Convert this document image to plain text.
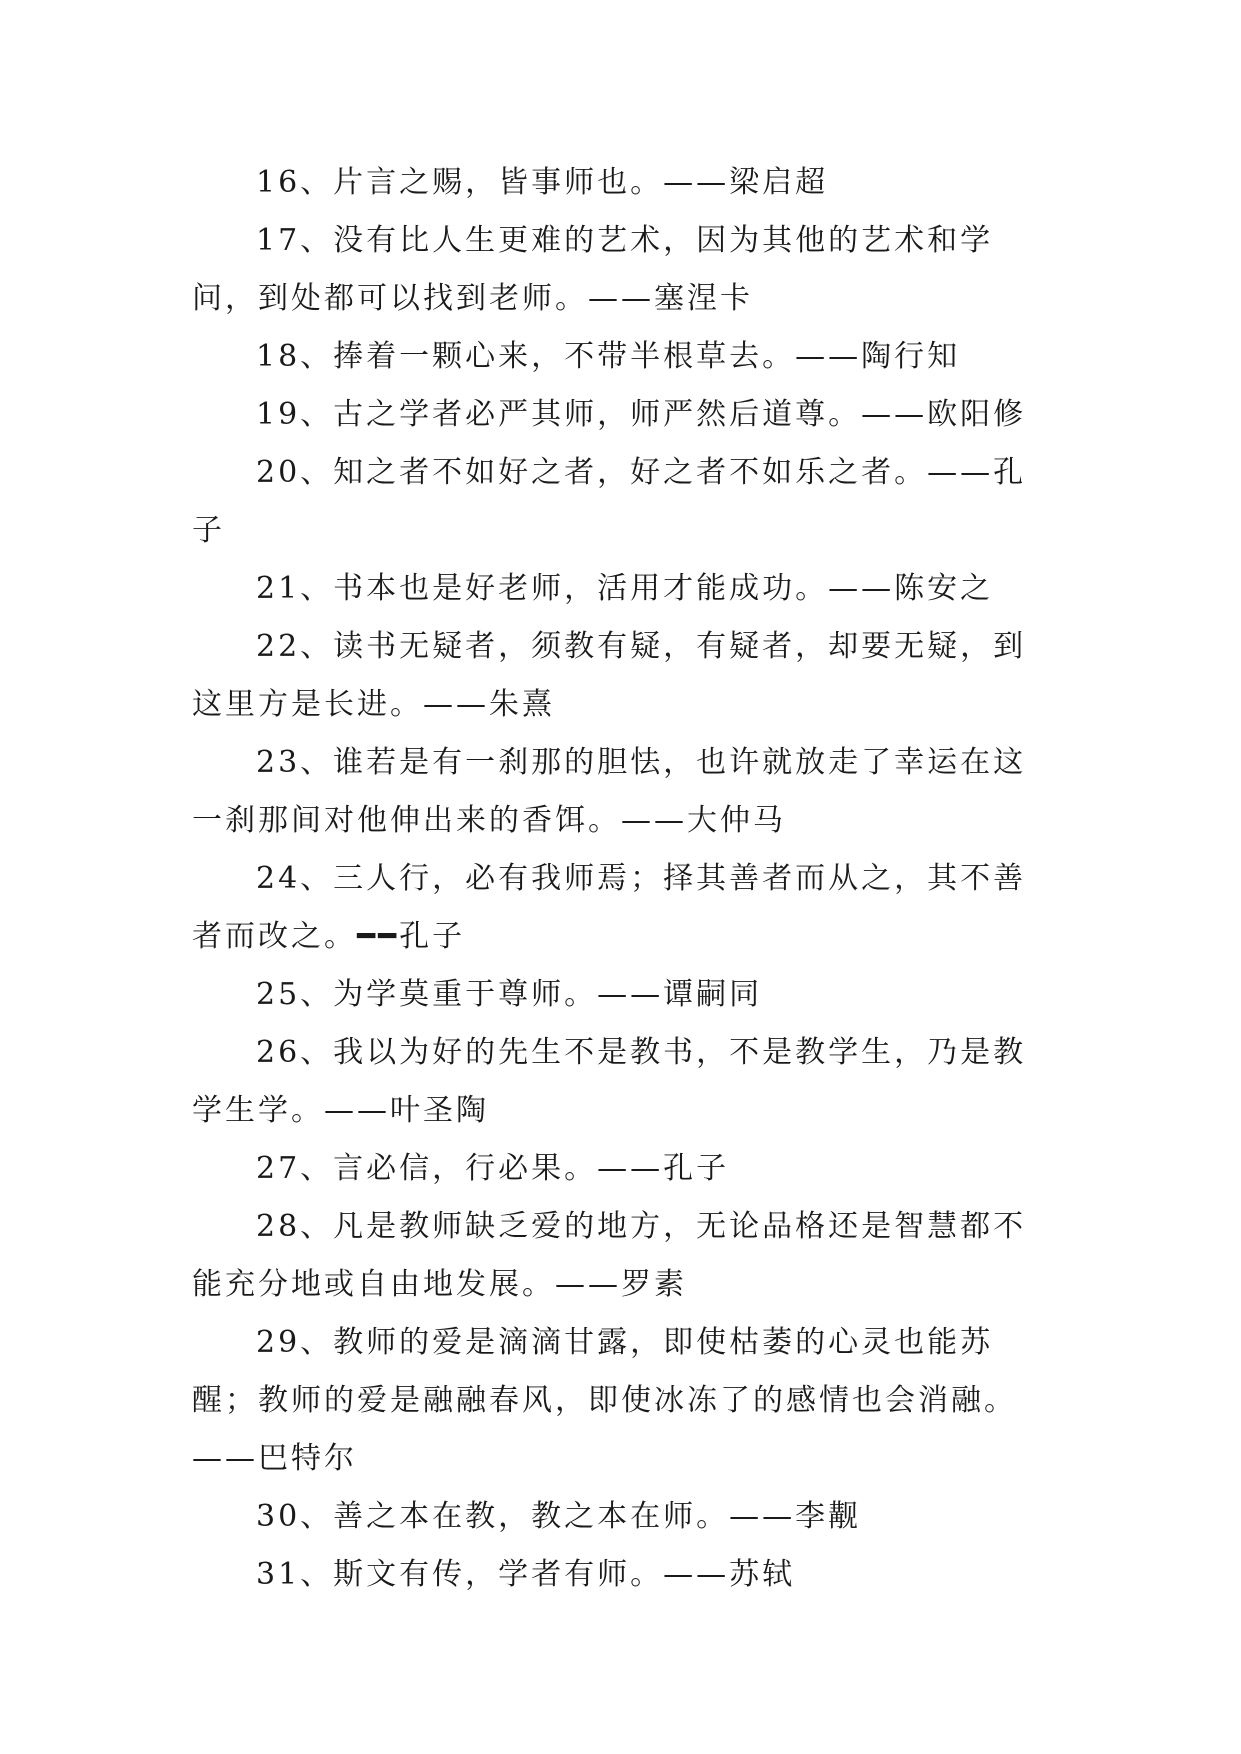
16、片言之赐，皆事师也。——梁启超

17、没有比人生更难的艺术，因为其他的艺术和学问，到处都可以找到老师。——塞涅卡

18、捧着一颗心来，不带半根草去。——陶行知

19、古之学者必严其师，师严然后道尊。——欧阳修

20、知之者不如好之者，好之者不如乐之者。——孔子

21、书本也是好老师，活用才能成功。——陈安之

22、读书无疑者，须教有疑，有疑者，却要无疑，到这里方是长进。——朱熹

23、谁若是有一刹那的胆怯，也许就放走了幸运在这一刹那间对他伸出来的香饵。——大仲马

24、三人行，必有我师焉；择其善者而从之，其不善者而改之。━━孔子

25、为学莫重于尊师。——谭嗣同

26、我以为好的先生不是教书，不是教学生，乃是教学生学。——叶圣陶

27、言必信，行必果。——孔子

28、凡是教师缺乏爱的地方，无论品格还是智慧都不能充分地或自由地发展。——罗素

29、教师的爱是滴滴甘露，即使枯萎的心灵也能苏醒；教师的爱是融融春风，即使冰冻了的感情也会消融。——巴特尔

30、善之本在教，教之本在师。——李觏

31、斯文有传，学者有师。——苏轼
